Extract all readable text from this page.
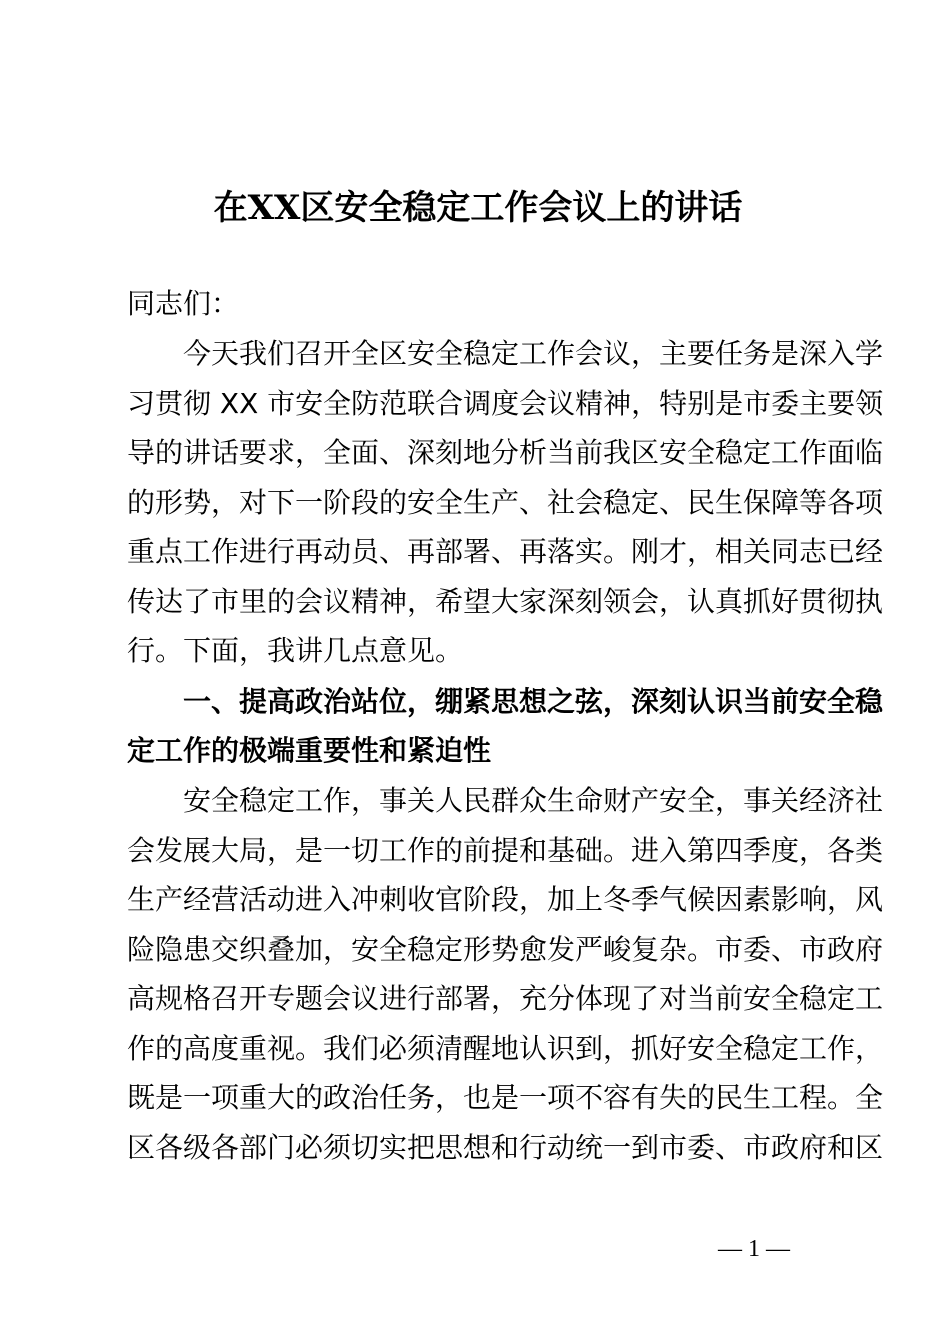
在XX区安全稳定工作会议上的讲话
同志们：
今天我们召开全区安全稳定工作会议，主要任务是深入学
习贯彻 XX 市安全防范联合调度会议精神，特别是市委主要领
导的讲话要求，全面、深刻地分析当前我区安全稳定工作面临
的形势，对下一阶段的安全生产、社会稳定、民生保障等各项
重点工作进行再动员、再部署、再落实。刚才，相关同志已经
传达了市里的会议精神，希望大家深刻领会，认真抓好贯彻执
行。下面，我讲几点意见。
一、提高政治站位，绷紧思想之弦，深刻认识当前安全稳
定工作的极端重要性和紧迫性
安全稳定工作，事关人民群众生命财产安全，事关经济社
会发展大局，是一切工作的前提和基础。进入第四季度，各类
生产经营活动进入冲刺收官阶段，加上冬季气候因素影响，风
险隐患交织叠加，安全稳定形势愈发严峻复杂。市委、市政府
高规格召开专题会议进行部署，充分体现了对当前安全稳定工
作的高度重视。我们必须清醒地认识到，抓好安全稳定工作，
既是一项重大的政治任务，也是一项不容有失的民生工程。全
区各级各部门必须切实把思想和行动统一到市委、市政府和区
— 1 —
